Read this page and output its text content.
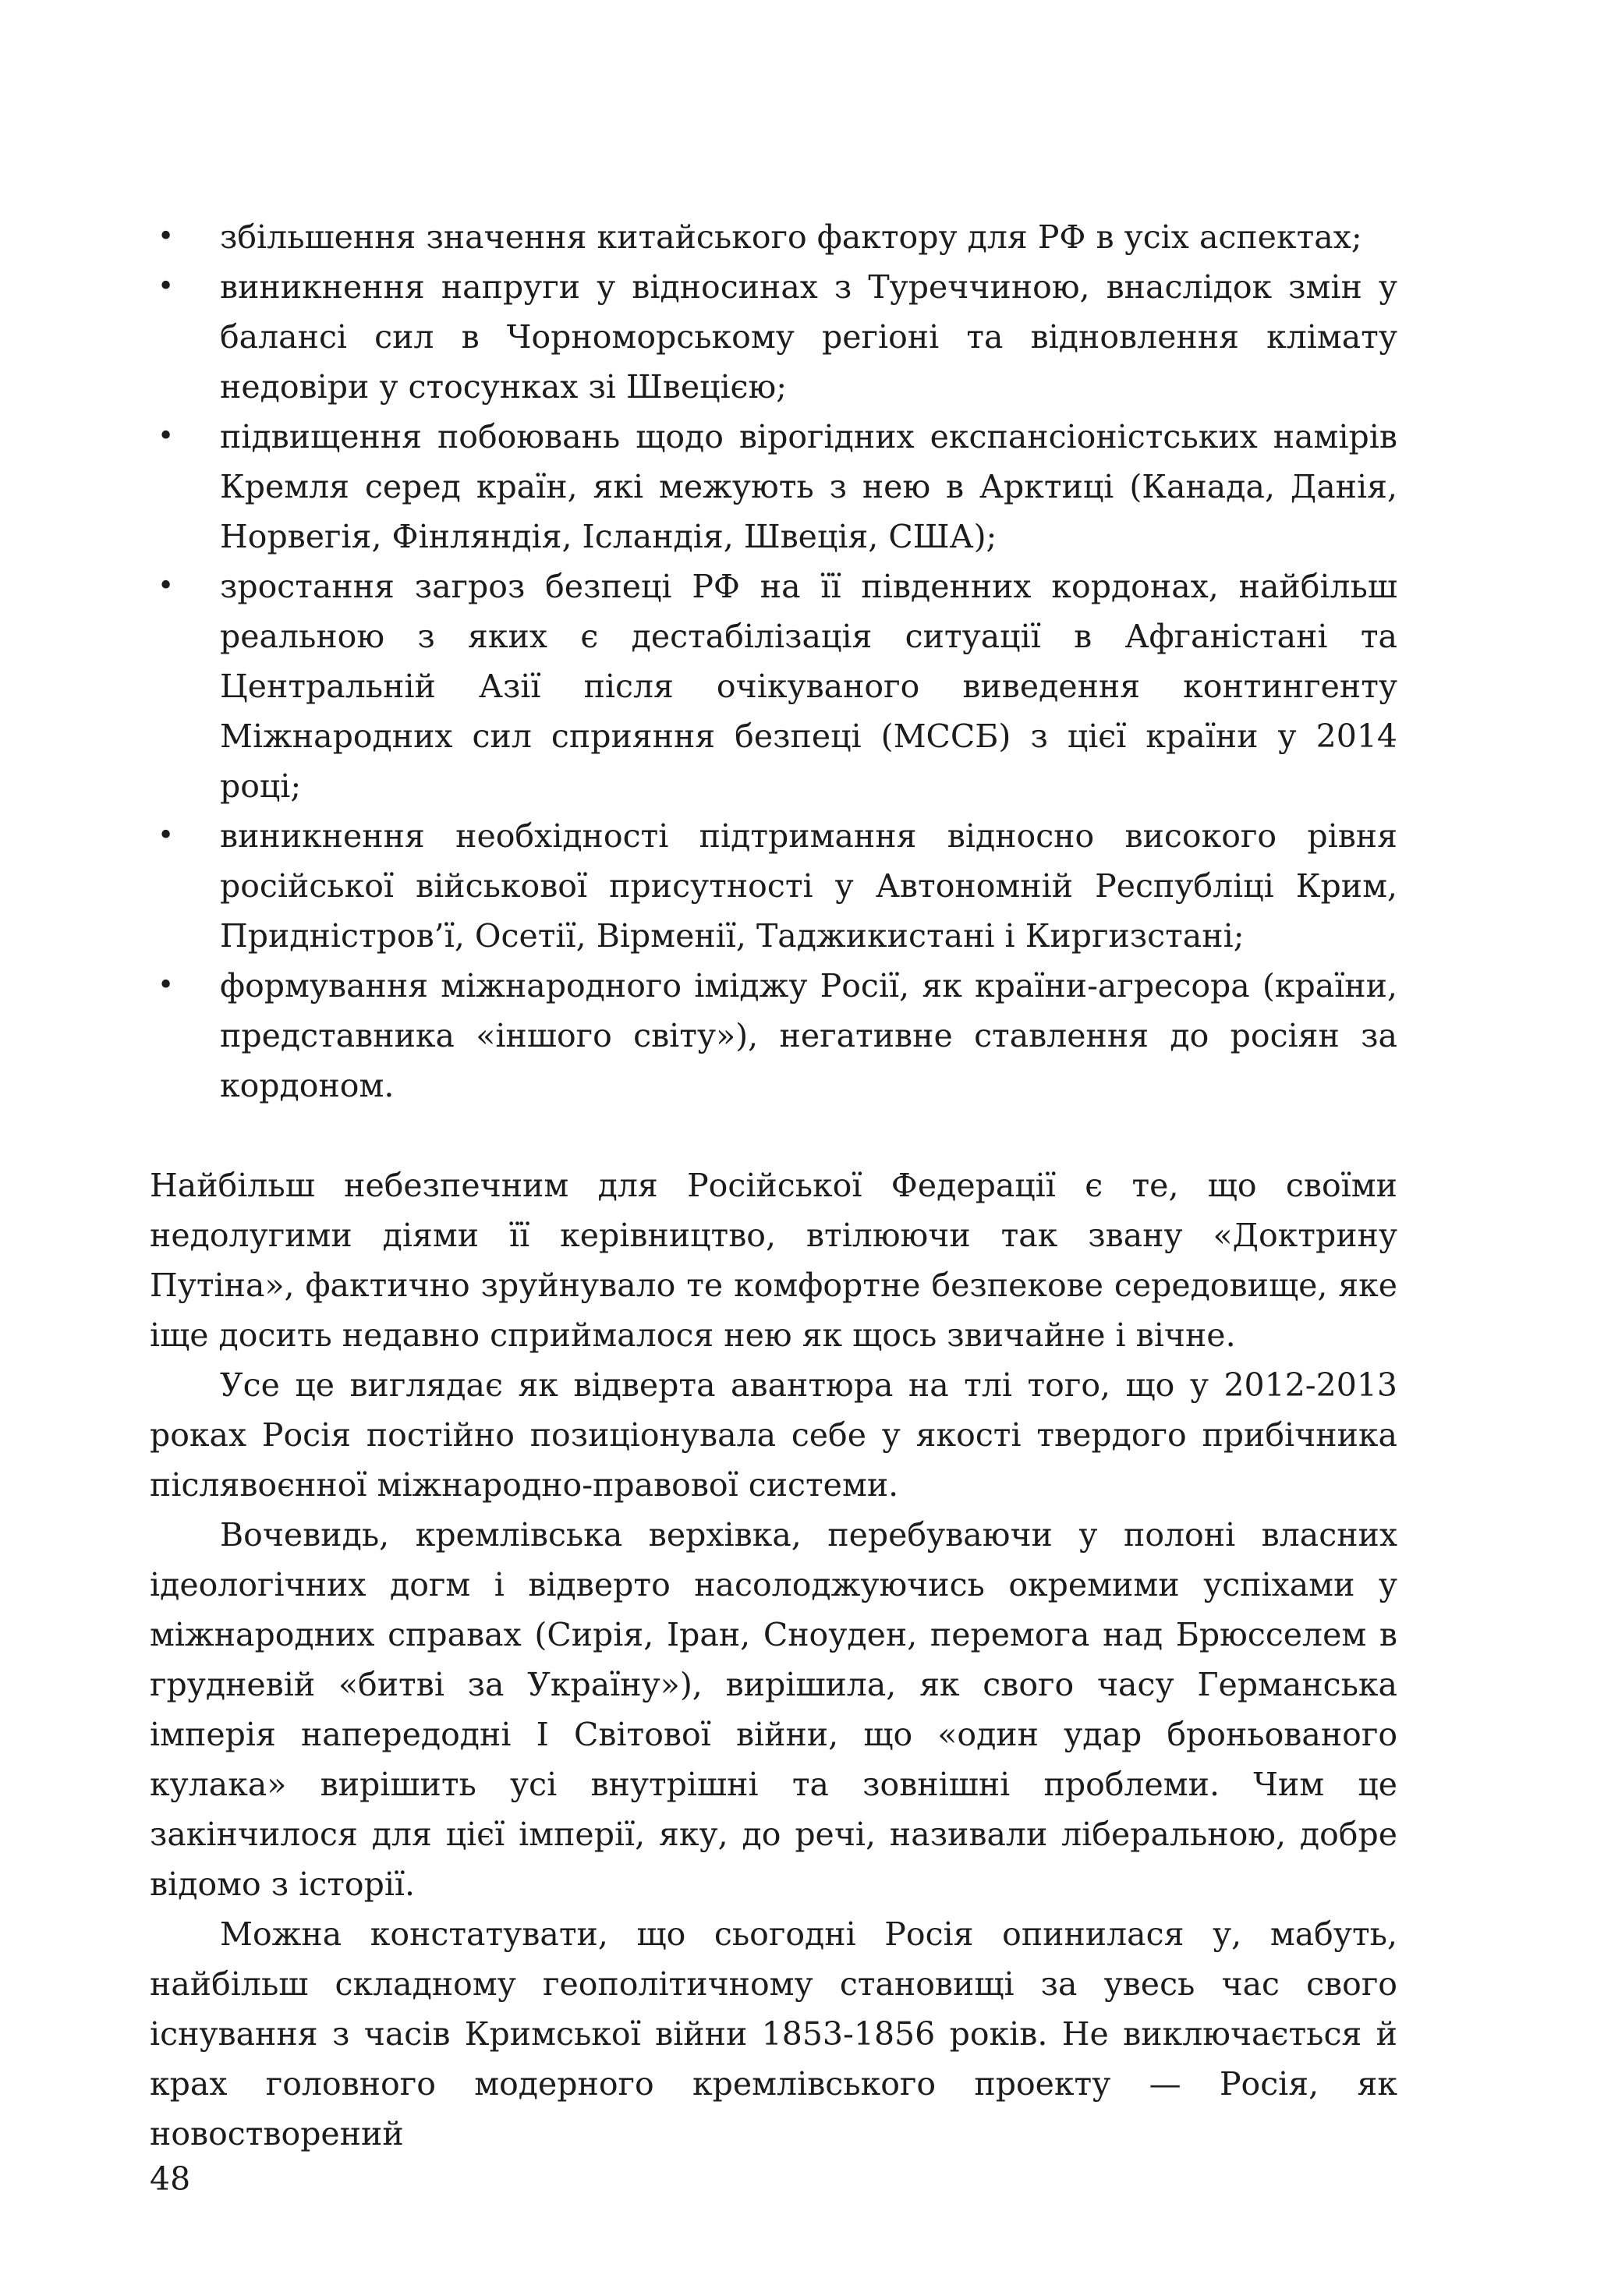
• збільшення значення китайського фактору для РФ в усіх аспектах;
• виникнення напруги у відносинах з Туреччиною, внаслідок змін у балансі сил в Чорноморському регіоні та відновлення клімату недовіри у стосунках зі Швецією;
• підвищення побоювань щодо вірогідних експансіоністських намірів Кремля серед країн, які межують з нею в Арктиці (Канада, Данія, Норвегія, Фінляндія, Ісландія, Швеція, США);
• зростання загроз безпеці РФ на її південних кордонах, найбільш реальною з яких є дестабілізація ситуації в Афганістані та Центральній Азії після очікуваного виведення контингенту Міжнародних сил сприяння безпеці (МССБ) з цієї країни у 2014 році;
• виникнення необхідності підтримання відносно високого рівня російської військової присутності у Автономній Республіці Крим, Придністров’ї, Осетії, Вірменії, Таджикистані і Киргизстані;
• формування міжнародного іміджу Росії, як країни-агресора (країни, представника «іншого світу»), негативне ставлення до росіян за кордоном.

Найбільш небезпечним для Російської Федерації є те, що своїми недолугими діями її керівництво, втілюючи так звану «Доктрину Путіна», фактично зруйнувало те комфортне безпекове середовище, яке іще досить недавно сприймалося нею як щось звичайне і вічне.

Усе це виглядає як відверта авантюра на тлі того, що у 2012-2013 роках Росія постійно позиціонувала себе у якості твердого прибічника післявоєнної міжнародно-правової системи.

Вочевидь, кремлівська верхівка, перебуваючи у полоні власних ідеологічних догм і відверто насолоджуючись окремими успіхами у міжнародних справах (Сирія, Іран, Сноуден, перемога над Брюсселем в грудневій «битві за Україну»), вирішила, як свого часу Германська імперія напередодні І Світової війни, що «один удар броньованого кулака» вирішить усі внутрішні та зовнішні проблеми. Чим це закінчилося для цієї імперії, яку, до речі, називали ліберальною, добре відомо з історії.

Можна констатувати, що сьогодні Росія опинилася у, мабуть, найбільш складному геополітичному становищі за увесь час свого існування з часів Кримської війни 1853-1856 років. Не виключається й крах головного модерного кремлівського проекту — Росія, як новостворений

48
